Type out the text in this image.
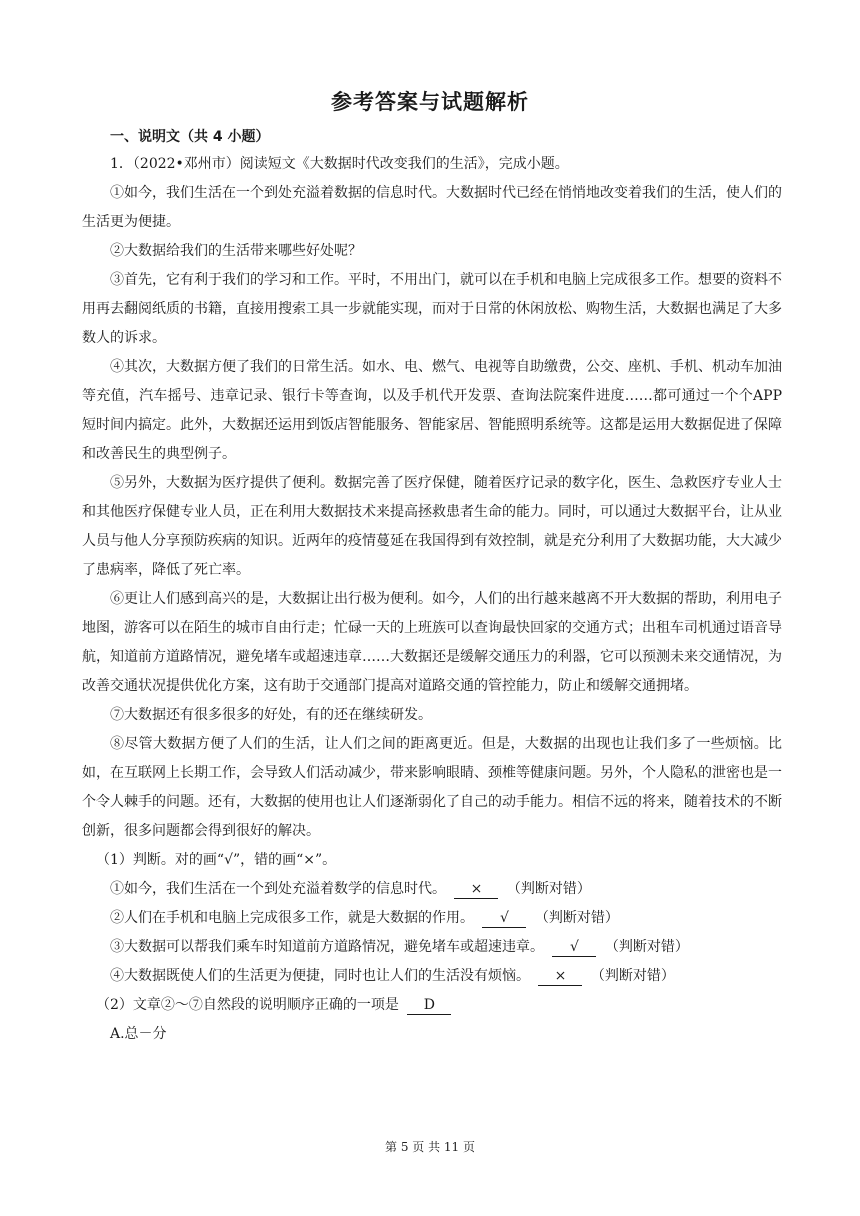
参考答案与试题解析
一、说明文（共 4 小题）

1．（2022•邓州市）阅读短文《大数据时代改变我们的生活》，完成小题。

①如今，我们生活在一个到处充溢着数据的信息时代。大数据时代已经在悄悄地改变着我们的生活，使人们的生活更为便捷。

②大数据给我们的生活带来哪些好处呢？

③首先，它有利于我们的学习和工作。平时，不用出门，就可以在手机和电脑上完成很多工作。想要的资料不用再去翻阅纸质的书籍，直接用搜索工具一步就能实现，而对于日常的休闲放松、购物生活，大数据也满足了大多数人的诉求。

④其次，大数据方便了我们的日常生活。如水、电、燃气、电视等自助缴费，公交、座机、手机、机动车加油等充值，汽车摇号、违章记录、银行卡等查询，以及手机代开发票、查询法院案件进度……都可通过一个个APP短时间内搞定。此外，大数据还运用到饭店智能服务、智能家居、智能照明系统等。这都是运用大数据促进了保障和改善民生的典型例子。

⑤另外，大数据为医疗提供了便利。数据完善了医疗保健，随着医疗记录的数字化，医生、急救医疗专业人士和其他医疗保健专业人员，正在利用大数据技术来提高拯救患者生命的能力。同时，可以通过大数据平台，让从业人员与他人分享预防疾病的知识。近两年的疫情蔓延在我国得到有效控制，就是充分利用了大数据功能，大大减少了患病率，降低了死亡率。

⑥更让人们感到高兴的是，大数据让出行极为便利。如今，人们的出行越来越离不开大数据的帮助，利用电子地图，游客可以在陌生的城市自由行走；忙碌一天的上班族可以查询最快回家的交通方式；出租车司机通过语音导航，知道前方道路情况，避免堵车或超速违章……大数据还是缓解交通压力的利器，它可以预测未来交通情况，为改善交通状况提供优化方案，这有助于交通部门提高对道路交通的管控能力，防止和缓解交通拥堵。

⑦大数据还有很多很多的好处，有的还在继续研发。

⑧尽管大数据方便了人们的生活，让人们之间的距离更近。但是，大数据的出现也让我们多了一些烦恼。比如，在互联网上长期工作，会导致人们活动减少，带来影响眼睛、颈椎等健康问题。另外，个人隐私的泄密也是一个令人棘手的问题。还有，大数据的使用也让人们逐渐弱化了自己的动手能力。相信不远的将来，随着技术的不断创新，很多问题都会得到很好的解决。

（1）判断。对的画“√”，错的画“×”。

①如今，我们生活在一个到处充溢着数学的信息时代。 × （判断对错）

②人们在手机和电脑上完成很多工作，就是大数据的作用。 √ （判断对错）

③大数据可以帮我们乘车时知道前方道路情况，避免堵车或超速违章。 √ （判断对错）

④大数据既使人们的生活更为便捷，同时也让人们的生活没有烦恼。 × （判断对错）

（2）文章②～⑦自然段的说明顺序正确的一项是 D

A.总－分

第 5 页 共 11 页
